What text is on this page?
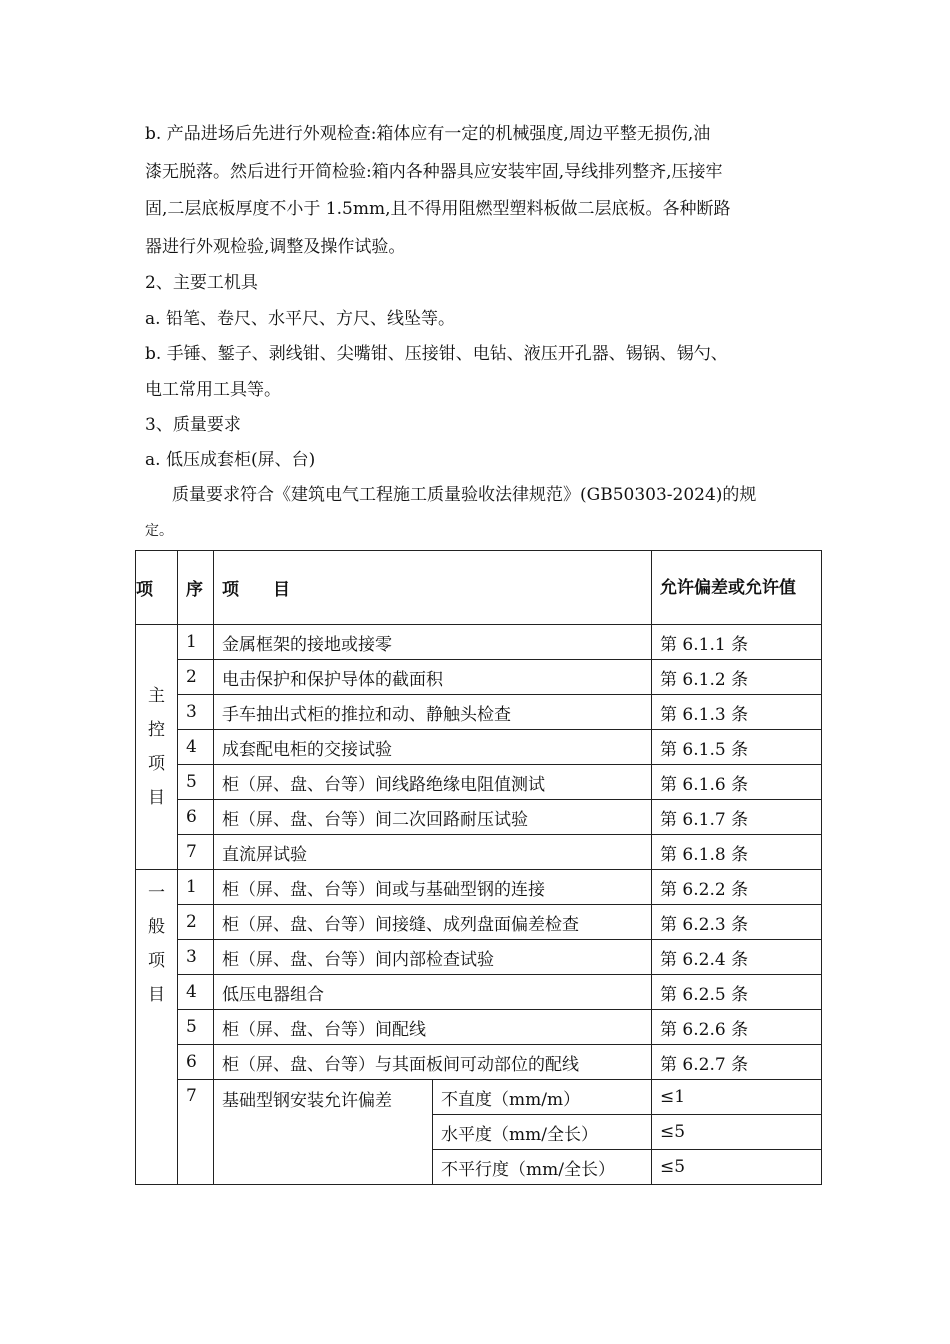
b. 产品进场后先进行外观检查:箱体应有一定的机械强度,周边平整无损伤,油
漆无脱落。然后进行开简检验:箱内各种器具应安装牢固,导线排列整齐,压接牢
固,二层底板厚度不小于 1.5mm,且不得用阻燃型塑料板做二层底板。各种断路
器进行外观检验,调整及操作试验。
2、主要工机具
a. 铅笔、卷尺、水平尺、方尺、线坠等。
b. 手锤、錾子、剥线钳、尖嘴钳、压接钳、电钻、液压开孔器、锡锅、锡勺、
电工常用工具等。
3、质量要求
a. 低压成套柜(屏、台)
质量要求符合《建筑电气工程施工质量验收法律规范》(GB50303-2024)的规
定。
项	序	项　　目		允许偏差或允许值
主控项目	1	金属框架的接地或接零		第 6.1.1 条
	2	电击保护和保护导体的截面积		第 6.1.2 条
	3	手车抽出式柜的推拉和动、静触头检查		第 6.1.3 条
	4	成套配电柜的交接试验		第 6.1.5 条
	5	柜（屏、盘、台等）间线路绝缘电阻值测试		第 6.1.6 条
	6	柜（屏、盘、台等）间二次回路耐压试验		第 6.1.7 条
	7	直流屏试验		第 6.1.8 条
一般项目	1	柜（屏、盘、台等）间或与基础型钢的连接		第 6.2.2 条
	2	柜（屏、盘、台等）间接缝、成列盘面偏差检查		第 6.2.3 条
	3	柜（屏、盘、台等）间内部检查试验		第 6.2.4 条
	4	低压电器组合		第 6.2.5 条
	5	柜（屏、盘、台等）间配线		第 6.2.6 条
	6	柜（屏、盘、台等）与其面板间可动部位的配线		第 6.2.7 条
	7	基础型钢安装允许偏差	不直度（mm/m）	≤1
			水平度（mm/全长）	≤5
			不平行度（mm/全长）	≤5
